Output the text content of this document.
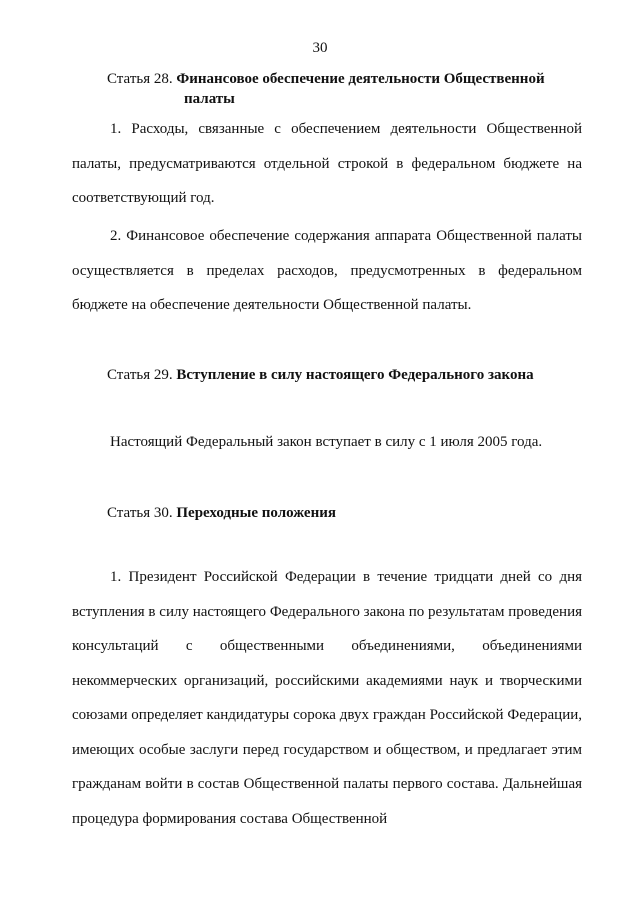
30
Статья 28. Финансовое обеспечение деятельности Общественной
палаты

1. Расходы, связанные с обеспечением деятельности Общественной палаты, предусматриваются отдельной строкой в федеральном бюджете на соответствующий год.

2. Финансовое обеспечение содержания аппарата Общественной палаты осуществляется в пределах расходов, предусмотренных в федеральном бюджете на обеспечение деятельности Общественной палаты.

Статья 29. Вступление в силу настоящего Федерального закона

Настоящий Федеральный закон вступает в силу с 1 июля 2005 года.

Статья 30. Переходные положения

1. Президент Российской Федерации в течение тридцати дней со дня вступления в силу настоящего Федерального закона по результатам проведения консультаций с общественными объединениями, объединениями некоммерческих организаций, российскими академиями наук и творческими союзами определяет кандидатуры сорока двух граждан Российской Федерации, имеющих особые заслуги перед государством и обществом, и предлагает этим гражданам войти в состав Общественной палаты первого состава. Дальнейшая процедура формирования состава Общественной
